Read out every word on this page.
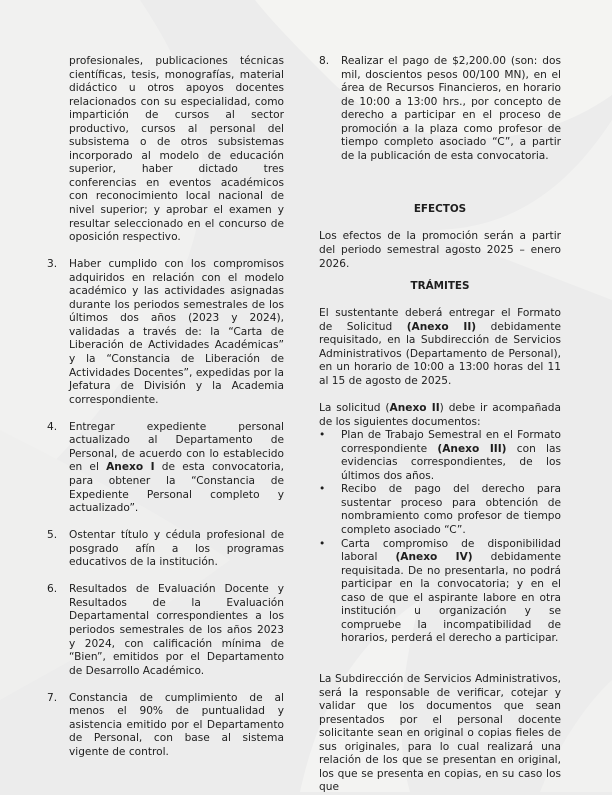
profesionales, publicaciones técnicas científicas, tesis, monografías, material didáctico u otros apoyos docentes relacionados con su especialidad, como impartición de cursos al sector productivo, cursos al personal del subsistema o de otros subsistemas incorporado al modelo de educación superior, haber dictado tres conferencias en eventos académicos con reconocimiento local nacional de nivel superior; y aprobar el examen y resultar seleccionado en el concurso de oposición respectivo.

3. Haber cumplido con los compromisos adquiridos en relación con el modelo académico y las actividades asignadas durante los periodos semestrales de los últimos dos años (2023 y 2024), validadas a través de: la “Carta de Liberación de Actividades Académicas” y la “Constancia de Liberación de Actividades Docentes”, expedidas por la Jefatura de División y la Academia correspondiente.
4. Entregar expediente personal actualizado al Departamento de Personal, de acuerdo con lo establecido en el Anexo I de esta convocatoria, para obtener la “Constancia de Expediente Personal completo y actualizado”.
5. Ostentar título y cédula profesional de posgrado afín a los programas educativos de la institución.
6. Resultados de Evaluación Docente y Resultados de la Evaluación Departamental correspondientes a los periodos semestrales de los años 2023 y 2024, con calificación mínima de “Bien”, emitidos por el Departamento de Desarrollo Académico.
7. Constancia de cumplimiento de al menos el 90% de puntualidad y asistencia emitido por el Departamento de Personal, con base al sistema vigente de control.
8. Realizar el pago de $2,200.00 (son: dos mil, doscientos pesos 00/100 MN), en el área de Recursos Financieros, en horario de 10:00 a 13:00 hrs., por concepto de derecho a participar en el proceso de promoción a la plaza como profesor de tiempo completo asociado “C”, a partir de la publicación de esta convocatoria.
EFECTOS

Los efectos de la promoción serán a partir del periodo semestral agosto 2025 – enero 2026.

TRÁMITES

El sustentante deberá entregar el Formato de Solicitud (Anexo II) debidamente requisitado, en la Subdirección de Servicios Administrativos (Departamento de Personal), en un horario de 10:00 a 13:00 horas del 11 al 15 de agosto de 2025.

La solicitud (Anexo II) debe ir acompañada de los siguientes documentos:

• Plan de Trabajo Semestral en el Formato correspondiente (Anexo III) con las evidencias correspondientes, de los últimos dos años.
• Recibo de pago del derecho para sustentar proceso para obtención de nombramiento como profesor de tiempo completo asociado “C”.
• Carta compromiso de disponibilidad laboral (Anexo IV) debidamente requisitada. De no presentarla, no podrá participar en la convocatoria; y en el caso de que el aspirante labore en otra institución u organización y se compruebe la incompatibilidad de horarios, perderá el derecho a participar.

La Subdirección de Servicios Administrativos, será la responsable de verificar, cotejar y validar que los documentos que sean presentados por el personal docente solicitante sean en original o copias fieles de sus originales, para lo cual realizará una relación de los que se presentan en original, los que se presenta en copias, en su caso los que
